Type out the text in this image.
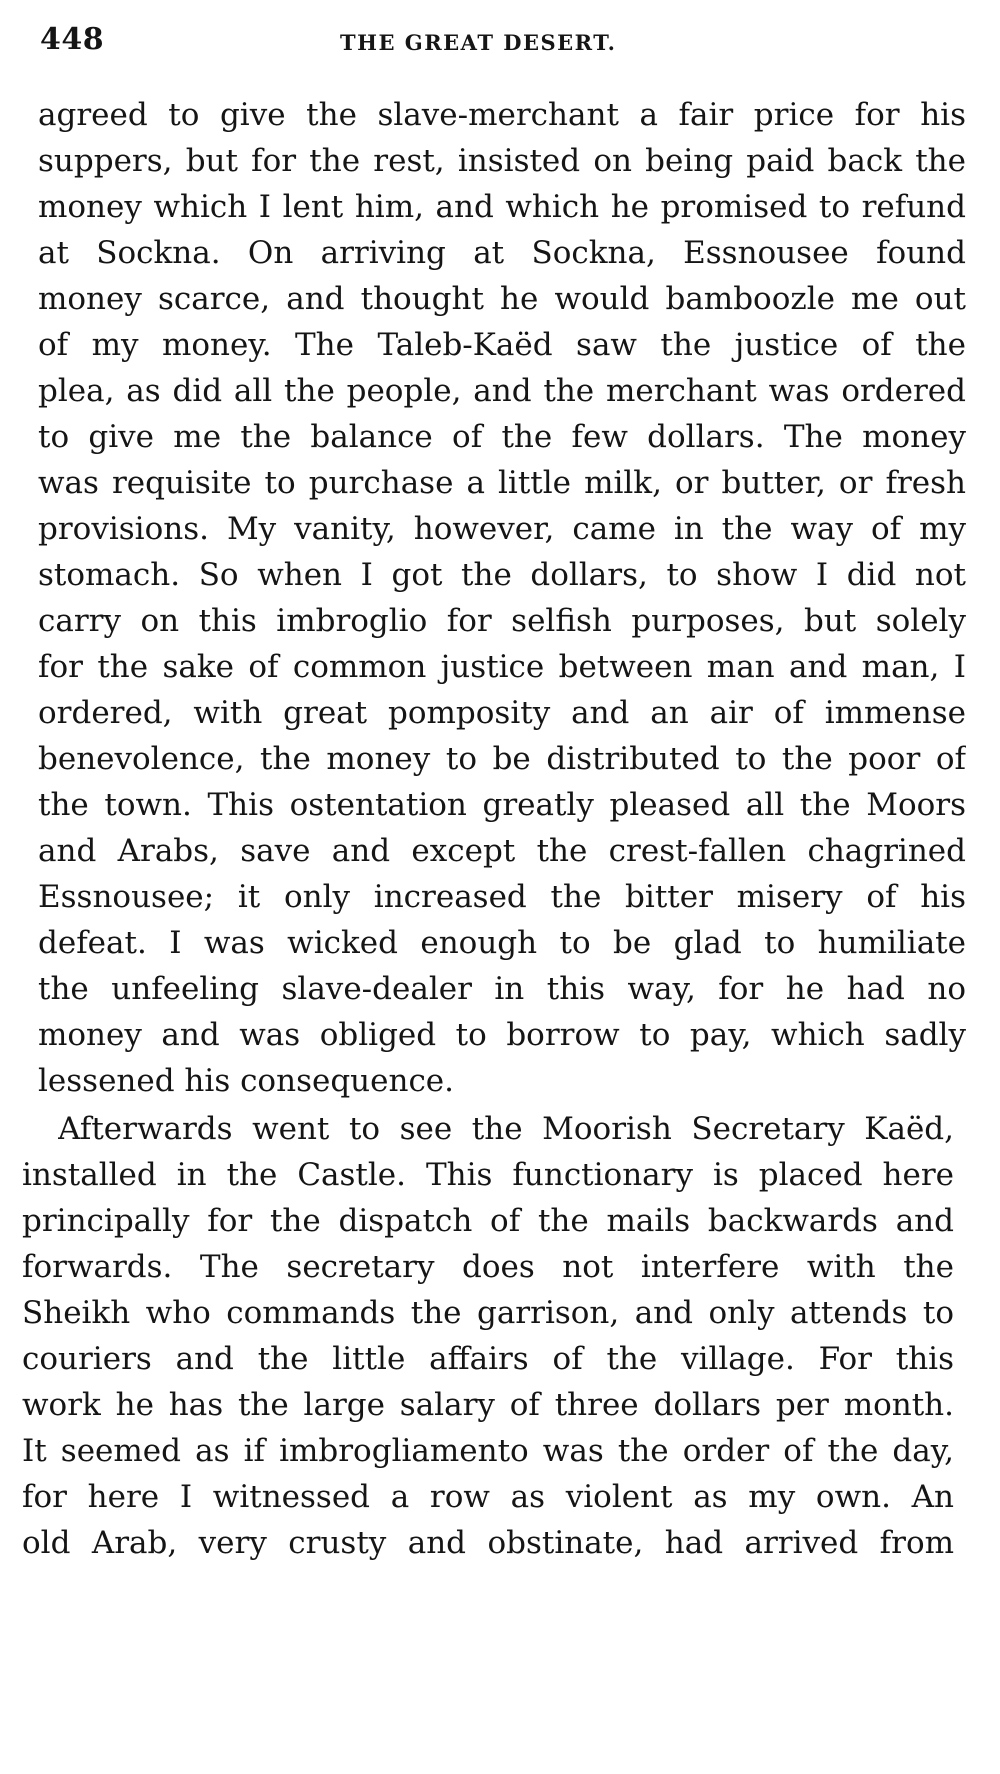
448	THE GREAT DESERT.
agreed to give the slave-merchant a fair price for his
suppers, but for the rest, insisted on being paid back the
money which I lent him, and which he promised to refund
at Sockna. On arriving at Sockna, Essnousee found
money scarce, and thought he would bamboozle me out
of my money. The Taleb-Kaëd saw the justice of the
plea, as did all the people, and the merchant was ordered
to give me the balance of the few dollars. The money
was requisite to purchase a little milk, or butter, or fresh
provisions. My vanity, however, came in the way of my
stomach. So when I got the dollars, to show I did not
carry on this imbroglio for selfish purposes, but solely
for the sake of common justice between man and man, I
ordered, with great pomposity and an air of immense
benevolence, the money to be distributed to the poor of
the town. This ostentation greatly pleased all the Moors
and Arabs, save and except the crest-fallen chagrined
Essnousee; it only increased the bitter misery of his
defeat. I was wicked enough to be glad to humiliate
the unfeeling slave-dealer in this way, for he had no
money and was obliged to borrow to pay, which sadly
lessened his consequence.
Afterwards went to see the Moorish Secretary Kaëd,
installed in the Castle. This functionary is placed here
principally for the dispatch of the mails backwards and
forwards. The secretary does not interfere with the
Sheikh who commands the garrison, and only attends to
couriers and the little affairs of the village. For this
work he has the large salary of three dollars per month.
It seemed as if imbrogliamento was the order of the day,
for here I witnessed a row as violent as my own. An
old Arab, very crusty and obstinate, had arrived from
